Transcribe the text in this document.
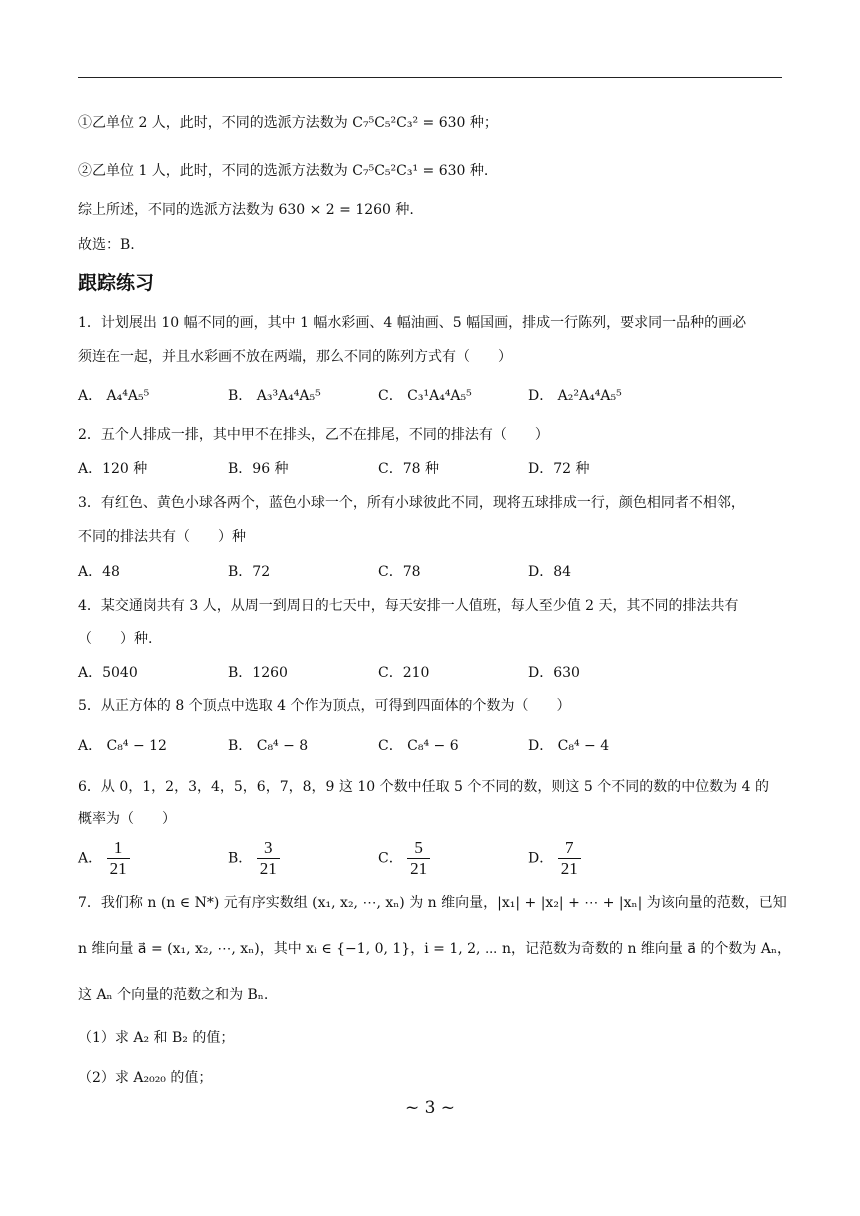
①乙单位 2 人，此时，不同的选派方法数为 C₇⁵C₅²C₃² = 630 种；
②乙单位 1 人，此时，不同的选派方法数为 C₇⁵C₅²C₃¹ = 630 种.
综上所述，不同的选派方法数为 630 × 2 = 1260 种.
故选：B.
跟踪练习
1．计划展出 10 幅不同的画，其中 1 幅水彩画、4 幅油画、5 幅国画，排成一行陈列，要求同一品种的画必
须连在一起，并且水彩画不放在两端，那么不同的陈列方式有（　　）
A． A₄⁴A₅⁵	B． A₃³A₄⁴A₅⁵	C． C₃¹A₄⁴A₅⁵	D． A₂²A₄⁴A₅⁵
2．五个人排成一排，其中甲不在排头，乙不在排尾，不同的排法有（　　）
A．120 种	B．96 种	C．78 种	D．72 种
3．有红色、黄色小球各两个，蓝色小球一个，所有小球彼此不同，现将五球排成一行，颜色相同者不相邻，
不同的排法共有（　　）种
A．48	B．72	C．78	D．84
4．某交通岗共有 3 人，从周一到周日的七天中，每天安排一人值班，每人至少值 2 天，其不同的排法共有
（　　）种.
A．5040	B．1260	C．210	D．630
5．从正方体的 8 个顶点中选取 4 个作为顶点，可得到四面体的个数为（　　）
A． C₈⁴ − 12	B． C₈⁴ − 8	C． C₈⁴ − 6	D． C₈⁴ − 4
6．从 0，1，2，3，4，5，6，7，8，9 这 10 个数中任取 5 个不同的数，则这 5 个不同的数的中位数为 4 的
概率为（　　）
A． $\frac{1}{21}$	B． $\frac{3}{21}$	C． $\frac{5}{21}$	D． $\frac{7}{21}$
7．我们称 n (n ∈ N*) 元有序实数组 (x₁, x₂, ⋯, xₙ) 为 n 维向量，|x₁| + |x₂| + ⋯ + |xₙ| 为该向量的范数，已知
n 维向量 a⃗ = (x₁, x₂, ⋯, xₙ)，其中 xᵢ ∈ {−1, 0, 1}，i = 1, 2, ⋯ n，记范数为奇数的 n 维向量 a⃗ 的个数为 Aₙ，
这 Aₙ 个向量的范数之和为 Bₙ.
（1）求 A₂ 和 B₂ 的值；
（2）求 A₂₀₂₀ 的值；
~ 3 ~
